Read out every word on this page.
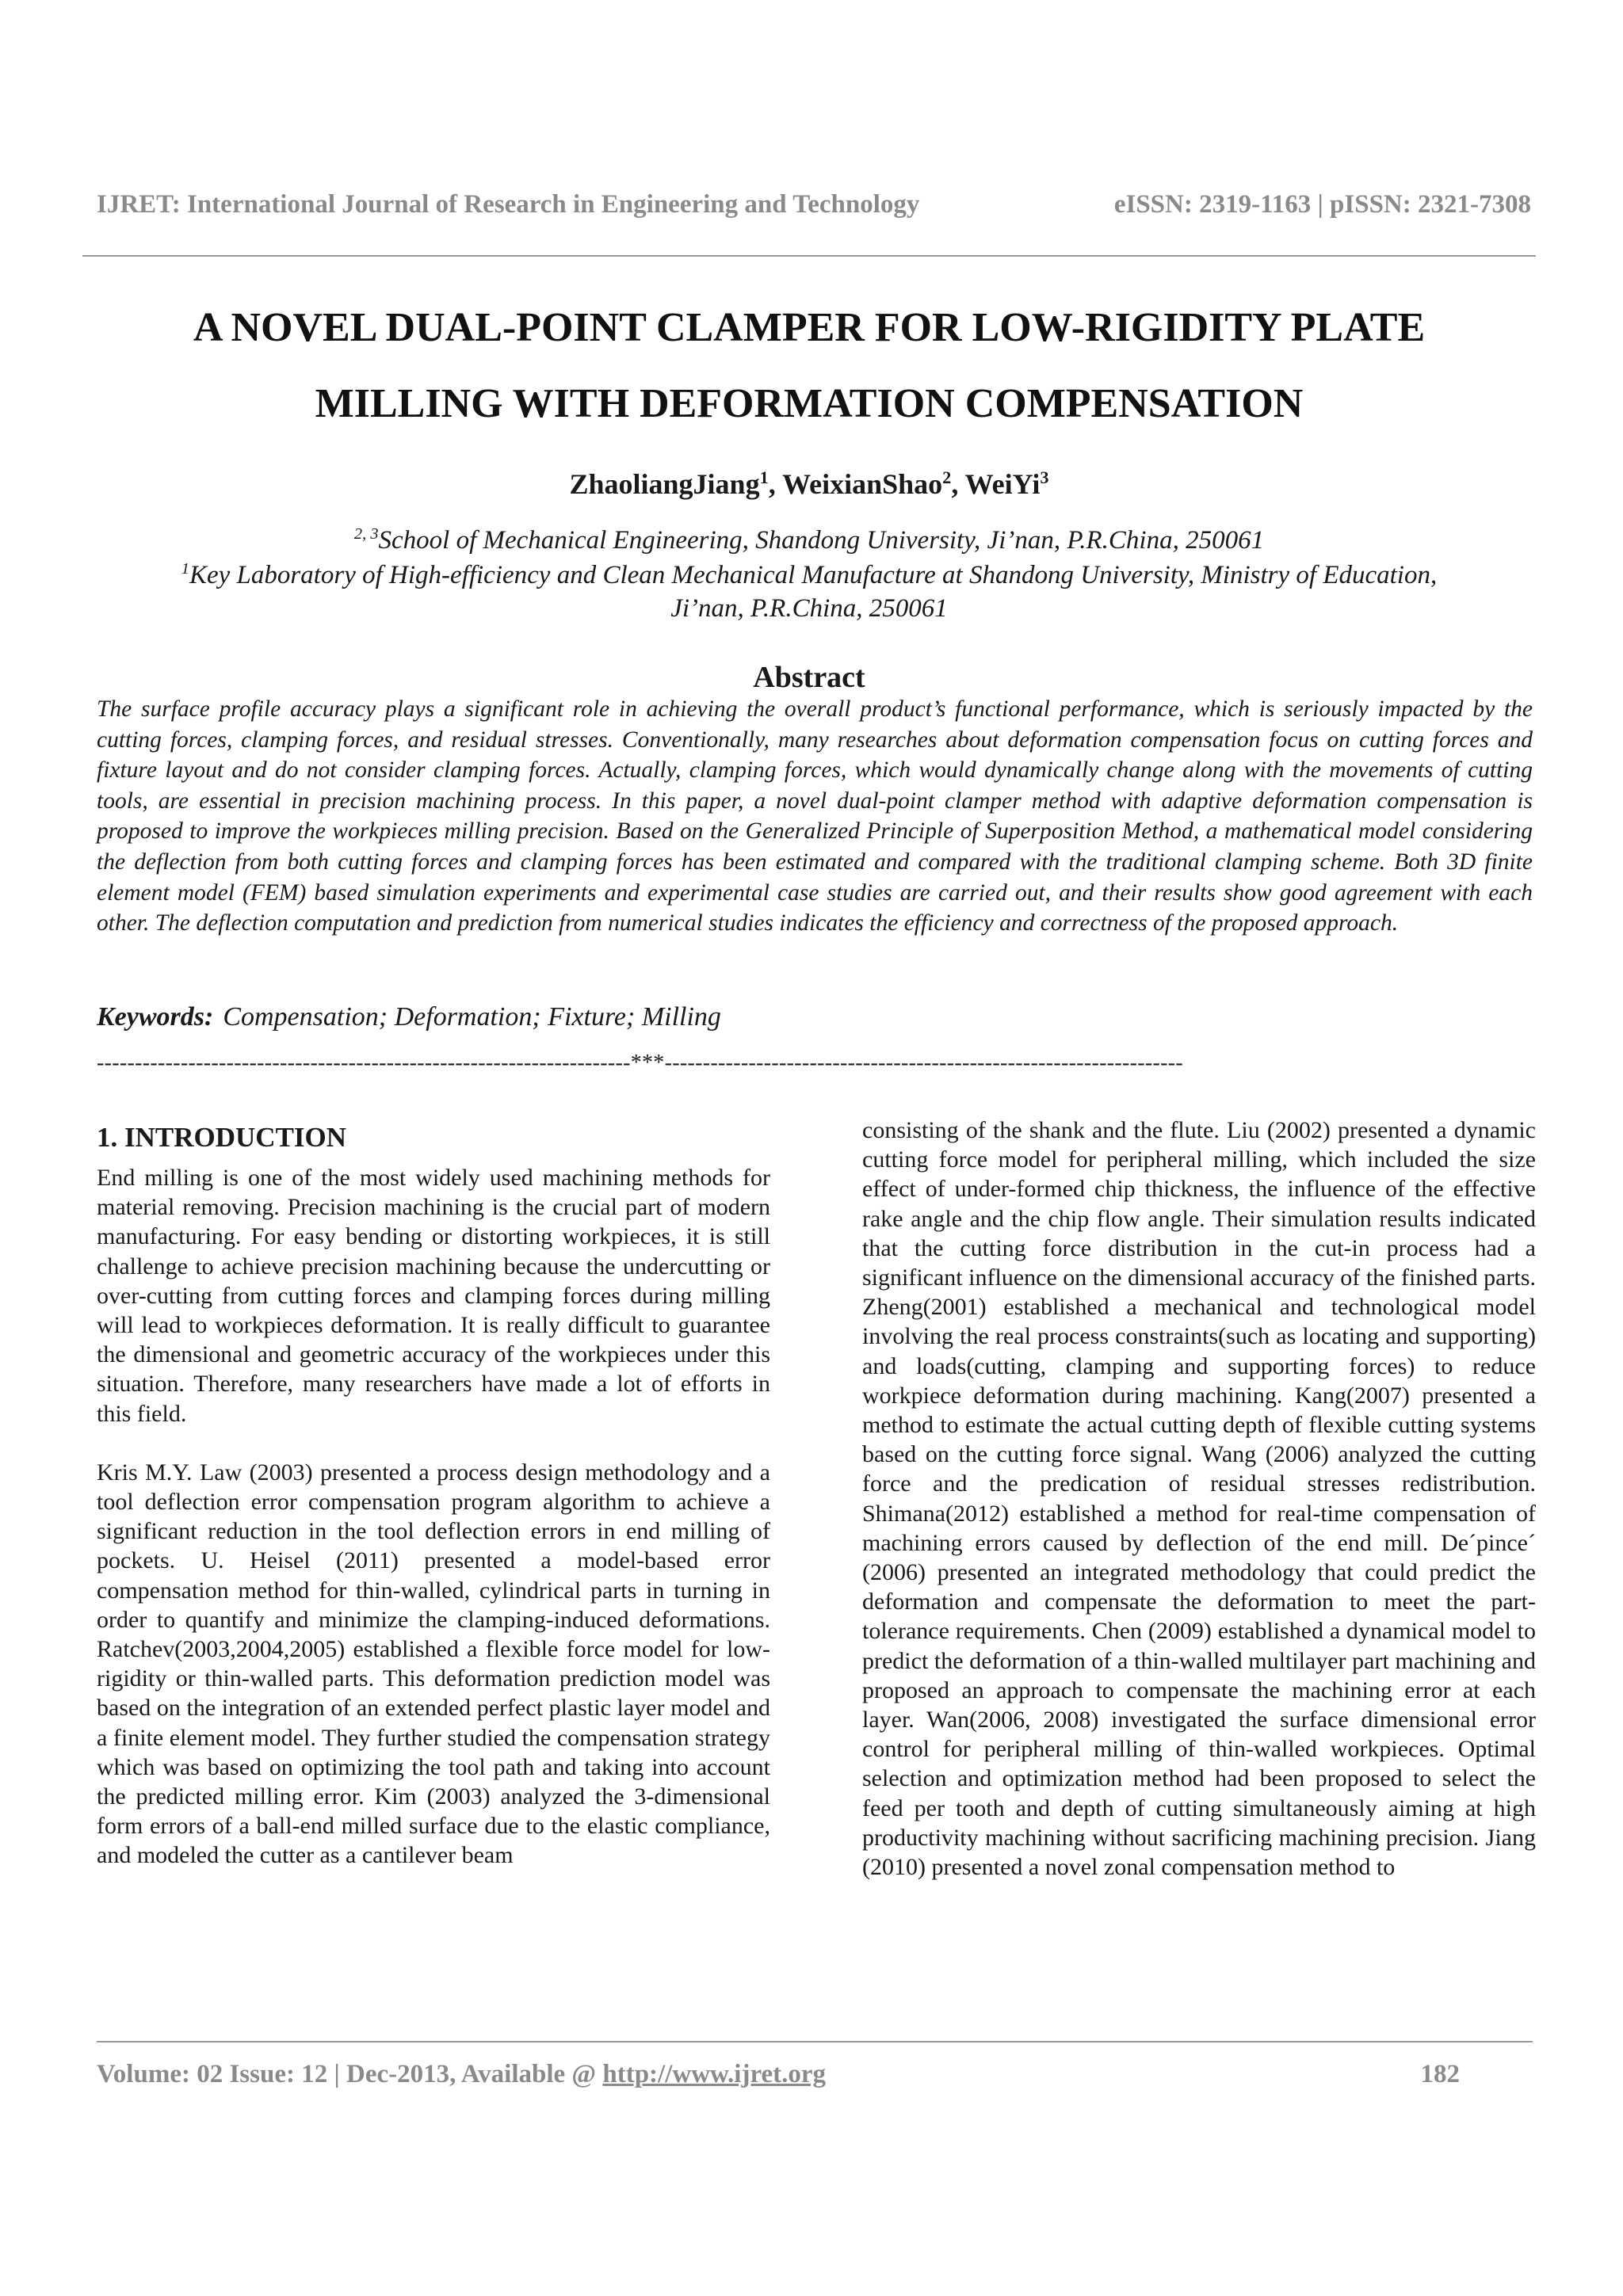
IJRET: International Journal of Research in Engineering and Technology	eISSN: 2319-1163 | pISSN: 2321-7308
A NOVEL DUAL-POINT CLAMPER FOR LOW-RIGIDITY PLATE
MILLING WITH DEFORMATION COMPENSATION
ZhaoliangJiang$^1$, WeixianShao$^2$, WeiYi$^3$
$^{2, 3}$School of Mechanical Engineering, Shandong University, Ji’nan, P.R.China, 250061
$^1$Key Laboratory of High-efficiency and Clean Mechanical Manufacture at Shandong University, Ministry of Education,
Ji’nan, P.R.China, 250061
Abstract

The surface profile accuracy plays a significant role in achieving the overall product’s functional performance, which is seriously impacted by the cutting forces, clamping forces, and residual stresses. Conventionally, many researches about deformation compensation focus on cutting forces and fixture layout and do not consider clamping forces. Actually, clamping forces, which would dynamically change along with the movements of cutting tools, are essential in precision machining process. In this paper, a novel dual-point clamper method with adaptive deformation compensation is proposed to improve the workpieces milling precision. Based on the Generalized Principle of Superposition Method, a mathematical model considering the deflection from both cutting forces and clamping forces has been estimated and compared with the traditional clamping scheme. Both 3D finite element model (FEM) based simulation experiments and experimental case studies are carried out, and their results show good agreement with each other. The deflection computation and prediction from numerical studies indicates the efficiency and correctness of the proposed approach.

Keywords: Compensation; Deformation; Fixture; Milling
----------------------------------------------------------------------***--------------------------------------------------------------------
1. INTRODUCTION

End milling is one of the most widely used machining methods for material removing. Precision machining is the crucial part of modern manufacturing. For easy bending or distorting workpieces, it is still challenge to achieve precision machining because the undercutting or over-cutting from cutting forces and clamping forces during milling will lead to workpieces deformation. It is really difficult to guarantee the dimensional and geometric accuracy of the workpieces under this situation. Therefore, many researchers have made a lot of efforts in this field.

Kris M.Y. Law (2003) presented a process design methodology and a tool deflection error compensation program algorithm to achieve a significant reduction in the tool deflection errors in end milling of pockets. U. Heisel (2011) presented a model-based error compensation method for thin-walled, cylindrical parts in turning in order to quantify and minimize the clamping-induced deformations. Ratchev(2003,2004,2005) established a flexible force model for low-rigidity or thin-walled parts. This deformation prediction model was based on the integration of an extended perfect plastic layer model and a finite element model. They further studied the compensation strategy which was based on optimizing the tool path and taking into account the predicted milling error. Kim (2003) analyzed the 3-dimensional form errors of a ball-end milled surface due to the elastic compliance, and modeled the cutter as a cantilever beam

consisting of the shank and the flute. Liu (2002) presented a dynamic cutting force model for peripheral milling, which included the size effect of under-formed chip thickness, the influence of the effective rake angle and the chip flow angle. Their simulation results indicated that the cutting force distribution in the cut-in process had a significant influence on the dimensional accuracy of the finished parts. Zheng(2001) established a mechanical and technological model involving the real process constraints(such as locating and supporting) and loads(cutting, clamping and supporting forces) to reduce workpiece deformation during machining. Kang(2007) presented a method to estimate the actual cutting depth of flexible cutting systems based on the cutting force signal. Wang (2006) analyzed the cutting force and the predication of residual stresses redistribution. Shimana(2012) established a method for real-time compensation of machining errors caused by deflection of the end mill. De´pince´ (2006) presented an integrated methodology that could predict the deformation and compensate the deformation to meet the part-tolerance requirements. Chen (2009) established a dynamical model to predict the deformation of a thin-walled multilayer part machining and proposed an approach to compensate the machining error at each layer. Wan(2006, 2008) investigated the surface dimensional error control for peripheral milling of thin-walled workpieces. Optimal selection and optimization method had been proposed to select the feed per tooth and depth of cutting simultaneously aiming at high productivity machining without sacrificing machining precision. Jiang (2010) presented a novel zonal compensation method to

Volume: 02 Issue: 12 | Dec-2013, Available @ http://www.ijret.org	182
